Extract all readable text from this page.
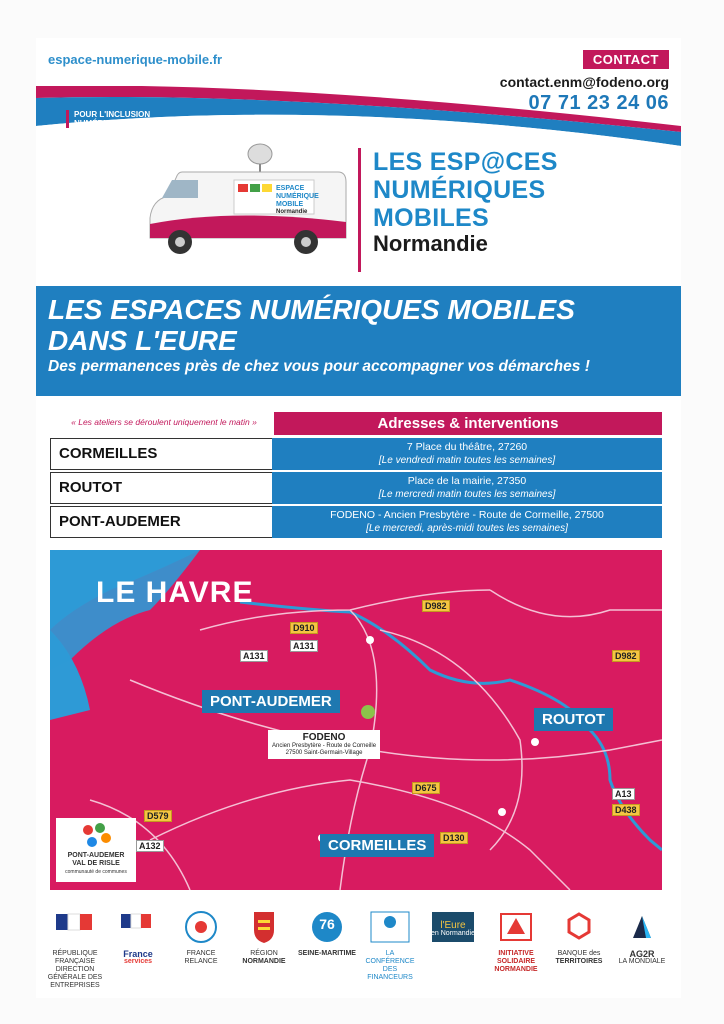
espace-numerique-mobile.fr	CONTACT
contact.enm@fodeno.org
07 71 23 24 06
POUR L'INCLUSION
NUMÉRIQUE
ESPACE
NUMÉRIQUE
MOBILE
Normandie
LES ESP@CES
NUMÉRIQUES
MOBILES
Normandie
LES ESPACES NUMÉRIQUES MOBILES
DANS L'EURE
Des permanences près de chez vous pour accompagner vos démarches !
« Les ateliers se déroulent uniquement le matin »	Adresses & interventions
CORMEILLES	7 Place du théâtre, 27260
[Le vendredi matin toutes les semaines]
ROUTOT	Place de la mairie, 27350
[Le mercredi matin toutes les semaines]
PONT-AUDEMER	FODENO - Ancien Presbytère - Route de Cormeille, 27500
[Le mercredi, après-midi toutes les semaines]
LE HAVRE
PONT-AUDEMER
ROUTOT
CORMEILLES
FODENO
Ancien Presbytère - Route de Corneille
27500 Saint-Germain-Village
D982
D910
A131
A131	D982
D675
A13
D438
D579
A132
D130
PONT-AUDEMER
VAL DE RISLE
communauté de communes
RÉPUBLIQUE FRANÇAISE
DIRECTION GÉNÉRALE DES ENTREPRISES
France
services
FRANCE
RELANCE
RÉGION
NORMANDIE
76
SEINE-MARITIME	LA CONFÉRENCE
DES FINANCEURS
l'Eure
en Normandie
INITIATIVE SOLIDAIRE
NORMANDIE
BANQUE des
TERRITOIRES
AG2R
LA MONDIALE
